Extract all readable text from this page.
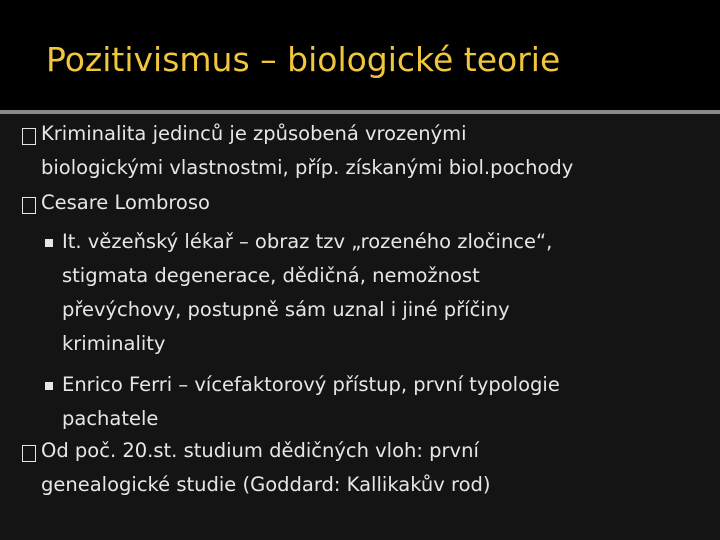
Pozitivismus – biologické teorie
Kriminalita jedinců je způsobená vrozenými
biologickými vlastnostmi, příp. získanými biol.pochody
Cesare Lombroso
It. vězeňský lékař – obraz tzv „rozeného zločince“,
stigmata degenerace, dědičná, nemožnost
převýchovy, postupně sám uznal i jiné příčiny
kriminality
Enrico Ferri – vícefaktorový přístup, první typologie
pachatele
Od poč. 20.st. studium dědičných vloh: první
genealogické studie (Goddard: Kallikakův rod)
